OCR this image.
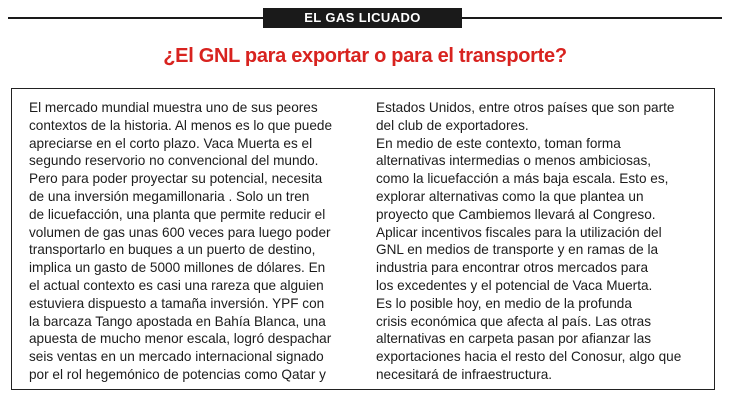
EL GAS LICUADO
¿El GNL para exportar o para el transporte?
El mercado mundial muestra uno de sus peores
contextos de la historia. Al menos es lo que puede
apreciarse en el corto plazo. Vaca Muerta es el
segundo reservorio no convencional del mundo.
Pero para poder proyectar su potencial, necesita
de una inversión megamillonaria . Solo un tren
de licuefacción, una planta que permite reducir el
volumen de gas unas 600 veces para luego poder
transportarlo en buques a un puerto de destino,
implica un gasto de 5000 millones de dólares. En
el actual contexto es casi una rareza que alguien
estuviera dispuesto a tamaña inversión. YPF con
la barcaza Tango apostada en Bahía Blanca, una
apuesta de mucho menor escala, logró despachar
seis ventas en un mercado internacional signado
por el rol hegemónico de potencias como Qatar y
Estados Unidos, entre otros países que son parte
del club de exportadores.
En medio de este contexto, toman forma
alternativas intermedias o menos ambiciosas,
como la licuefacción a más baja escala. Esto es,
explorar alternativas como la que plantea un
proyecto que Cambiemos llevará al Congreso.
Aplicar incentivos fiscales para la utilización del
GNL en medios de transporte y en ramas de la
industria para encontrar otros mercados para
los excedentes y el potencial de Vaca Muerta.
Es lo posible hoy, en medio de la profunda
crisis económica que afecta al país. Las otras
alternativas en carpeta pasan por afianzar las
exportaciones hacia el resto del Conosur, algo que
necesitará de infraestructura.
